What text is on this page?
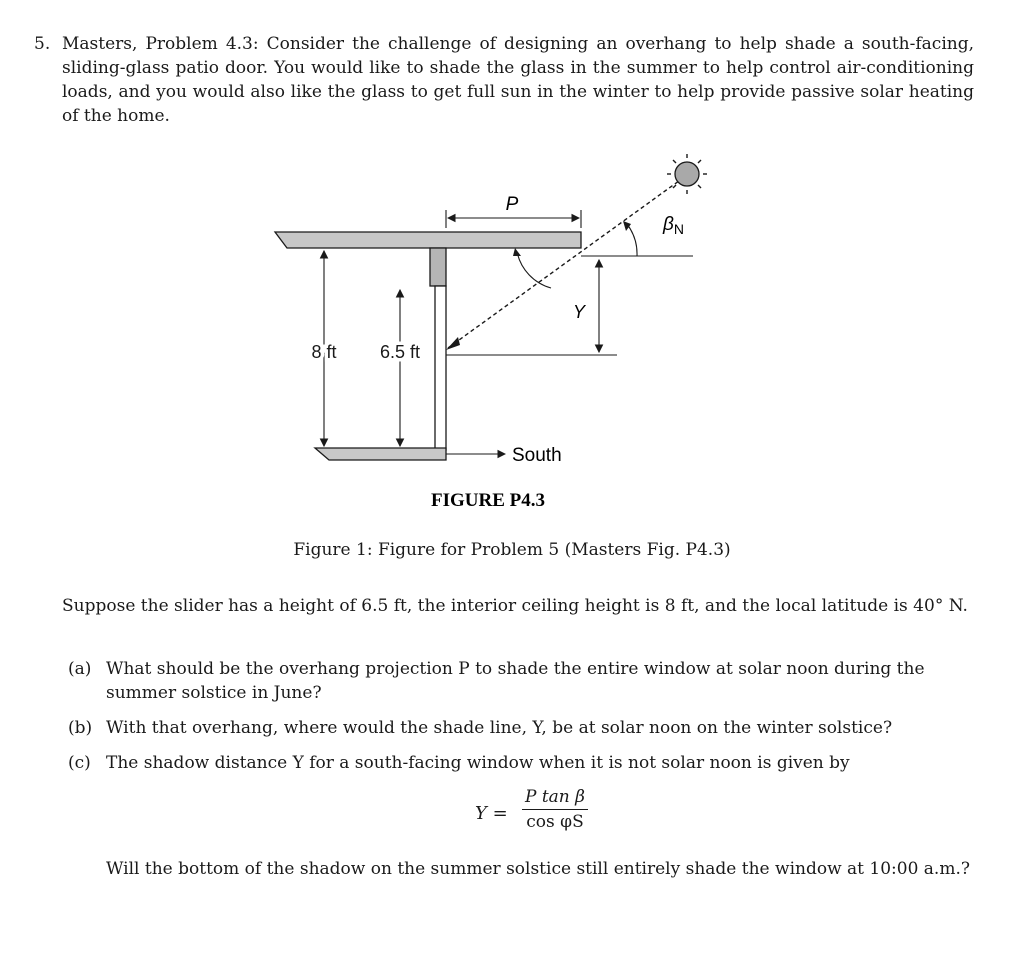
5. Masters, Problem 4.3: Consider the challenge of designing an overhang to help shade a south-facing, sliding-glass patio door. You would like to shade the glass in the summer to help control air-conditioning loads, and you would also like the glass to get full sun in the winter to help provide passive solar heating of the home.
P
$\beta_N$
Y
8 ft 6.5 ft
South
FIGURE P4.3
Figure 1: Figure for Problem 5 (Masters Fig. P4.3)
Suppose the slider has a height of 6.5 ft, the interior ceiling height is 8 ft, and the local latitude is 40° N.
(a) What should be the overhang projection P to shade the entire window at solar noon during the summer solstice in June?
(b) With that overhang, where would the shade line, Y, be at solar noon on the winter solstice?
(c) The shadow distance Y for a south-facing window when it is not solar noon is given by
$Y = \frac{\text{P tan β}}{\text{cos φS}}$
Will the bottom of the shadow on the summer solstice still entirely shade the window at 10:00 a.m.?
